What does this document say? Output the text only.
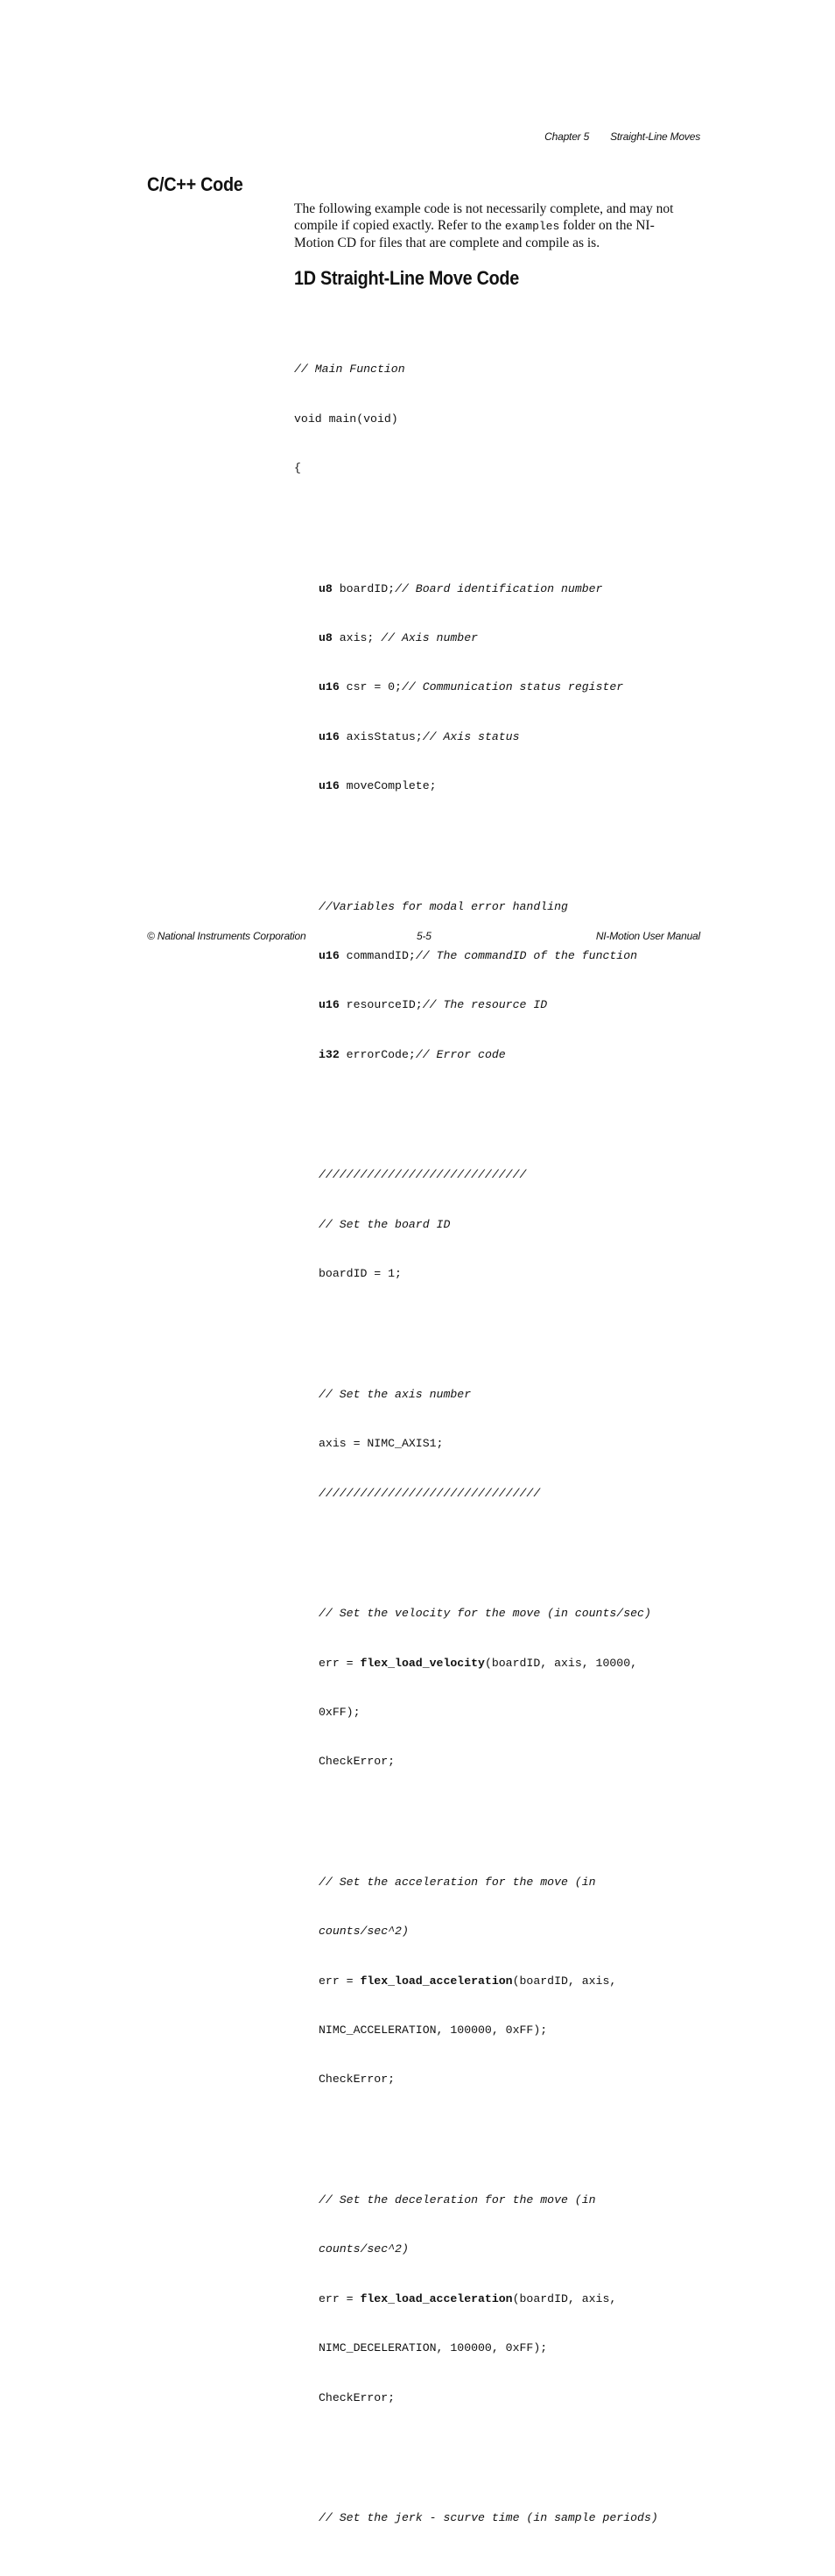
Chapter 5 Straight-Line Moves
C/C++ Code

The following example code is not necessarily complete, and may not compile if copied exactly. Refer to the examples folder on the NI-Motion CD for files that are complete and compile as is.

1D Straight-Line Move Code

// Main Function

void main(void)

{

u8 boardID;// Board identification number

u8 axis; // Axis number

u16 csr = 0;// Communication status register

u16 axisStatus;// Axis status

u16 moveComplete;

//Variables for modal error handling

u16 commandID;// The commandID of the function

u16 resourceID;// The resource ID

i32 errorCode;// Error code

//////////////////////////////

// Set the board ID

boardID = 1;

// Set the axis number

axis = NIMC_AXIS1;

////////////////////////////////

// Set the velocity for the move (in counts/sec)

err = flex_load_velocity(boardID, axis, 10000,

0xFF);

CheckError;

// Set the acceleration for the move (in

counts/sec^2)

err = flex_load_acceleration(boardID, axis,

NIMC_ACCELERATION, 100000, 0xFF);

CheckError;

// Set the deceleration for the move (in

counts/sec^2)

err = flex_load_acceleration(boardID, axis,

NIMC_DECELERATION, 100000, 0xFF);

CheckError;

// Set the jerk - scurve time (in sample periods)

© National Instruments Corporation	5-5	NI-Motion User Manual
